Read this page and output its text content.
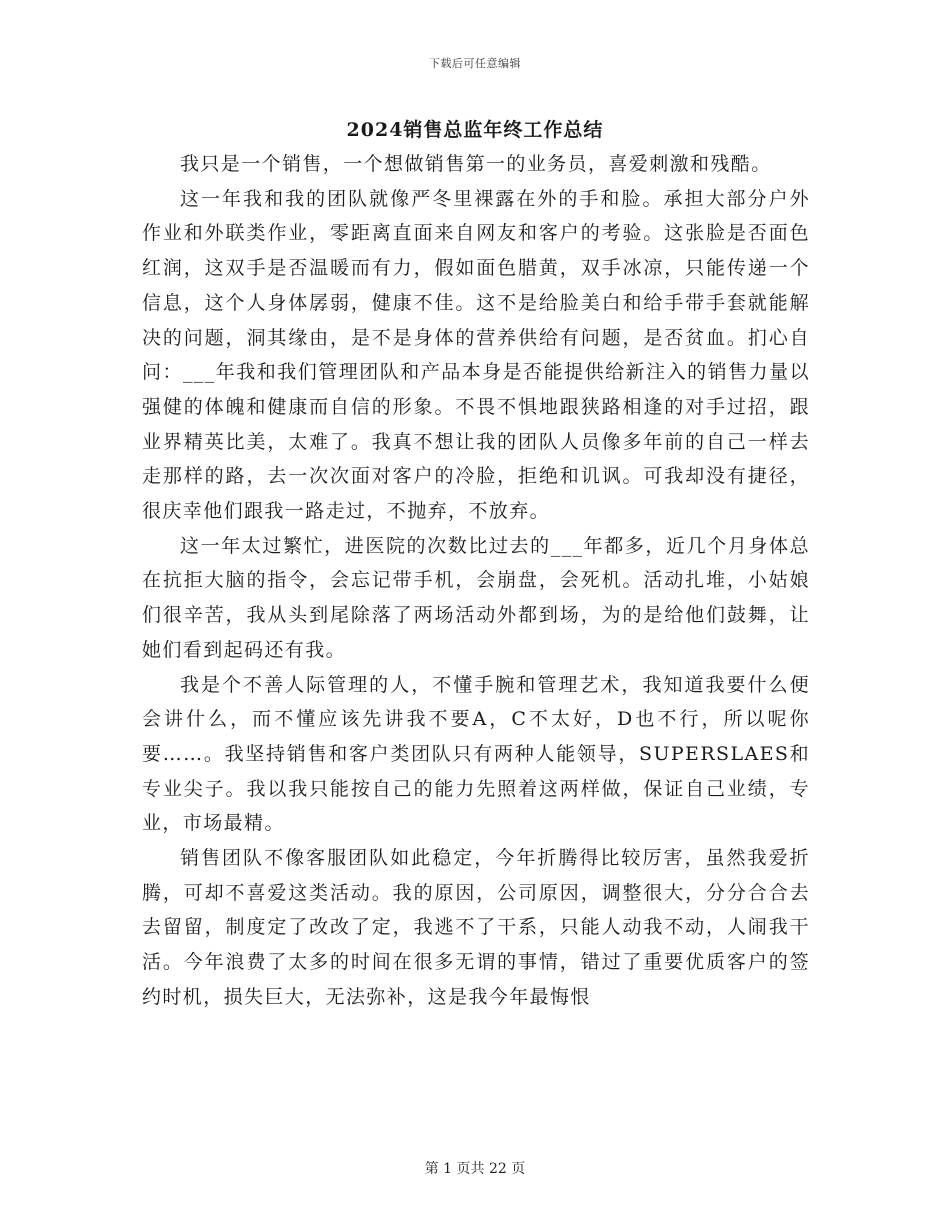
下载后可任意编辑
2024销售总监年终工作总结

我只是一个销售，一个想做销售第一的业务员，喜爱刺激和残酷。

这一年我和我的团队就像严冬里裸露在外的手和脸。承担大部分户外作业和外联类作业，零距离直面来自网友和客户的考验。这张脸是否面色红润，这双手是否温暖而有力，假如面色腊黄，双手冰凉，只能传递一个信息，这个人身体孱弱，健康不佳。这不是给脸美白和给手带手套就能解决的问题，洞其缘由，是不是身体的营养供给有问题，是否贫血。扪心自问：___年我和我们管理团队和产品本身是否能提供给新注入的销售力量以强健的体魄和健康而自信的形象。不畏不惧地跟狭路相逢的对手过招，跟业界精英比美，太难了。我真不想让我的团队人员像多年前的自己一样去走那样的路，去一次次面对客户的冷脸，拒绝和讥讽。可我却没有捷径，很庆幸他们跟我一路走过，不抛弃，不放弃。

这一年太过繁忙，进医院的次数比过去的___年都多，近几个月身体总在抗拒大脑的指令，会忘记带手机，会崩盘，会死机。活动扎堆，小姑娘们很辛苦，我从头到尾除落了两场活动外都到场，为的是给他们鼓舞，让她们看到起码还有我。

我是个不善人际管理的人，不懂手腕和管理艺术，我知道我要什么便会讲什么，而不懂应该先讲我不要A，C不太好，D也不行，所以呢你要……。我坚持销售和客户类团队只有两种人能领导，SUPERSLAES和专业尖子。我以我只能按自己的能力先照着这两样做，保证自己业绩，专业，市场最精。

销售团队不像客服团队如此稳定，今年折腾得比较厉害，虽然我爱折腾，可却不喜爱这类活动。我的原因，公司原因，调整很大，分分合合去去留留，制度定了改改了定，我逃不了干系，只能人动我不动，人闹我干活。今年浪费了太多的时间在很多无谓的事情，错过了重要优质客户的签约时机，损失巨大，无法弥补，这是我今年最悔恨

第 1 页共 22 页
